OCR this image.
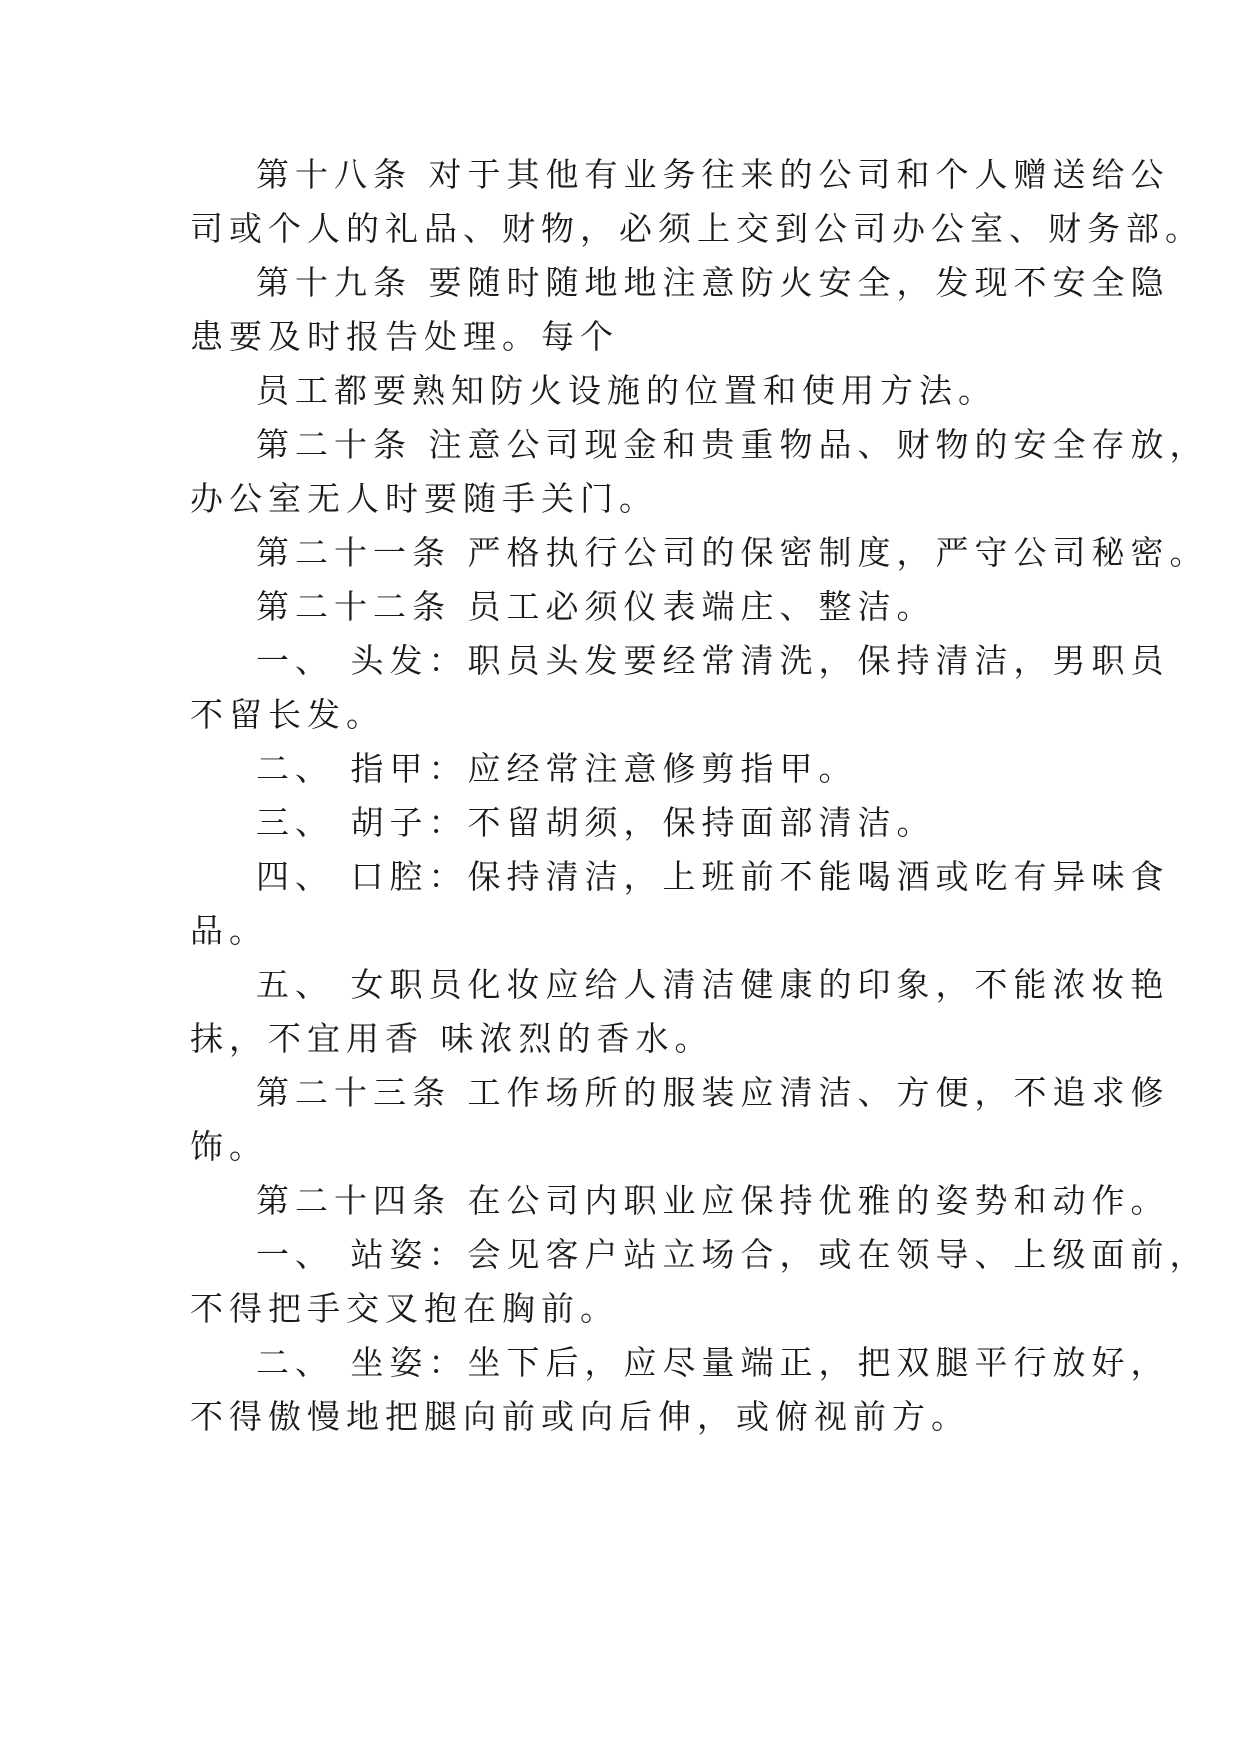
第十八条 对于其他有业务往来的公司和个人赠送给公
司或个人的礼品、财物，必须上交到公司办公室、财务部。
第十九条 要随时随地地注意防火安全，发现不安全隐
患要及时报告处理。每个
员工都要熟知防火设施的位置和使用方法。
第二十条 注意公司现金和贵重物品、财物的安全存放，
办公室无人时要随手关门。
第二十一条 严格执行公司的保密制度，严守公司秘密。
第二十二条 员工必须仪表端庄、整洁。
一、 头发：职员头发要经常清洗，保持清洁，男职员
不留长发。
二、 指甲：应经常注意修剪指甲。
三、 胡子：不留胡须，保持面部清洁。
四、 口腔：保持清洁，上班前不能喝酒或吃有异味食
品。
五、 女职员化妆应给人清洁健康的印象，不能浓妆艳
抹，不宜用香 味浓烈的香水。
第二十三条 工作场所的服装应清洁、方便，不追求修
饰。
第二十四条 在公司内职业应保持优雅的姿势和动作。
一、 站姿：会见客户站立场合，或在领导、上级面前，
不得把手交叉抱在胸前。
二、 坐姿：坐下后，应尽量端正，把双腿平行放好，
不得傲慢地把腿向前或向后伸，或俯视前方。
